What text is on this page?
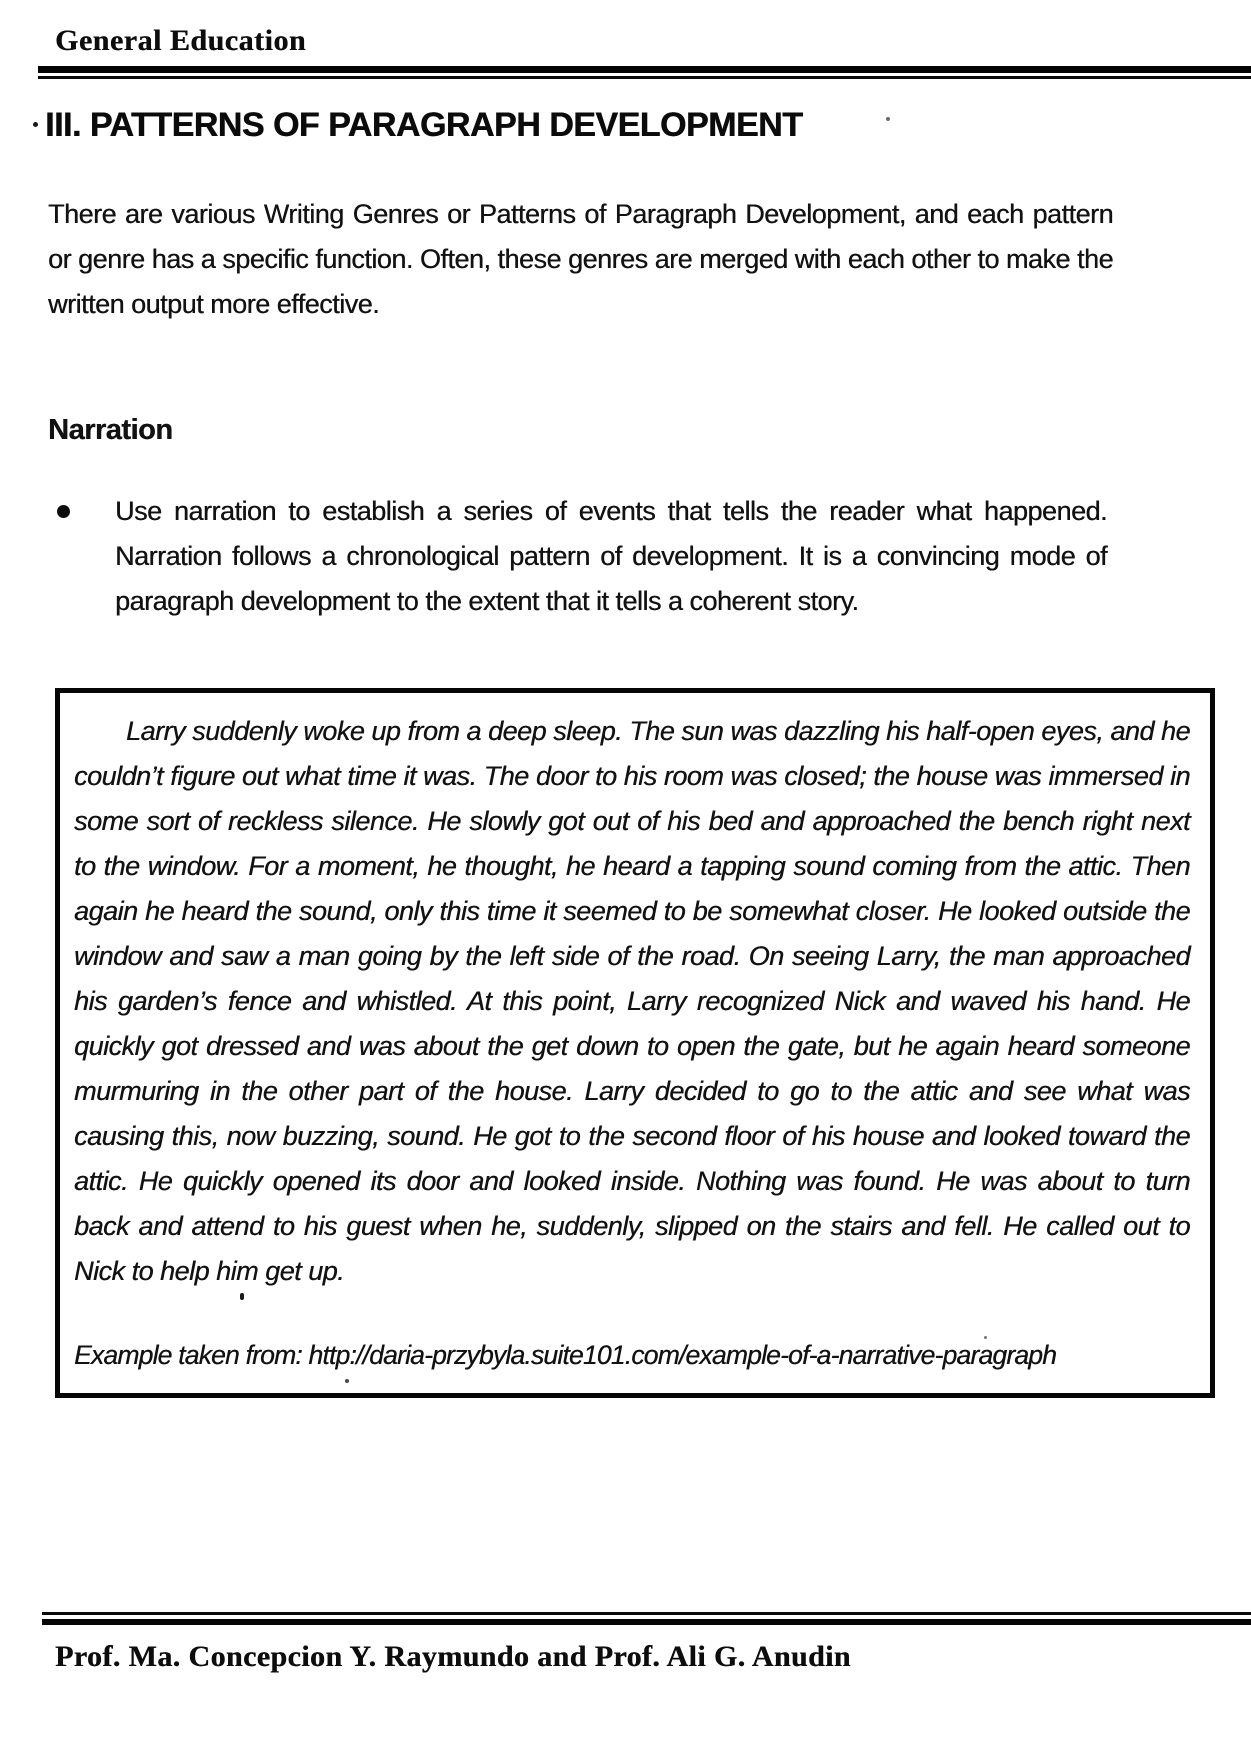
General Education
III. PATTERNS OF PARAGRAPH DEVELOPMENT

There are various Writing Genres or Patterns of Paragraph Development, and each pattern or genre has a specific function. Often, these genres are merged with each other to make the written output more effective.

Narration
Use narration to establish a series of events that tells the reader what happened. Narration follows a chronological pattern of development. It is a convincing mode of paragraph development to the extent that it tells a coherent story.

Larry suddenly woke up from a deep sleep. The sun was dazzling his half-open eyes, and he couldn’t figure out what time it was. The door to his room was closed; the house was immersed in some sort of reckless silence. He slowly got out of his bed and approached the bench right next to the window. For a moment, he thought, he heard a tapping sound coming from the attic. Then again he heard the sound, only this time it seemed to be somewhat closer. He looked outside the window and saw a man going by the left side of the road. On seeing Larry, the man approached his garden’s fence and whistled. At this point, Larry recognized Nick and waved his hand. He quickly got dressed and was about the get down to open the gate, but he again heard someone murmuring in the other part of the house. Larry decided to go to the attic and see what was causing this, now buzzing, sound. He got to the second floor of his house and looked toward the attic. He quickly opened its door and looked inside. Nothing was found. He was about to turn back and attend to his guest when he, suddenly, slipped on the stairs and fell. He called out to Nick to help him get up.

Example taken from: http://daria-przybyla.suite101.com/example-of-a-narrative-paragraph
Prof. Ma. Concepcion Y. Raymundo and Prof. Ali G. Anudin
